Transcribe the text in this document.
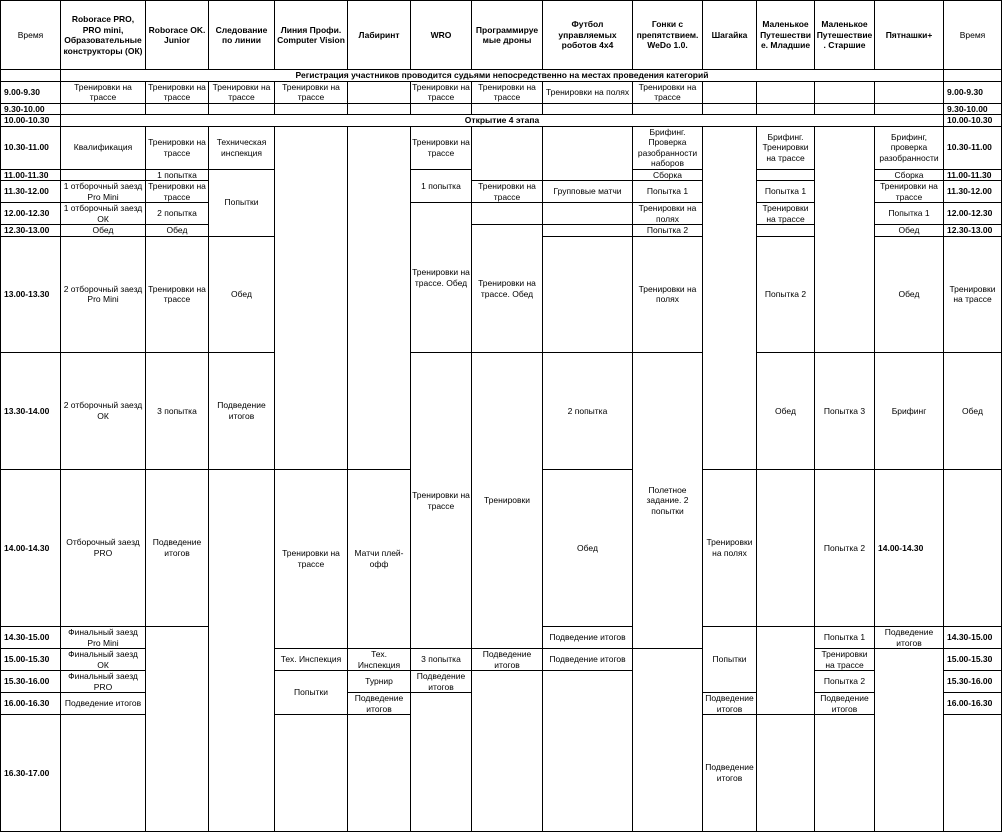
Время	Roborace PRO, PRO mini, Образовательные конструкторы (ОК)	Roborace OK. Junior	Следование по линии	Линия Профи. Computer Vision	Лабиринт	WRO	Программируемые дроны	Футбол управляемых роботов 4х4	Гонки с препятствием. WeDo 1.0.	Шагайка	Маленькое Путешествие. Младшие	Маленькое Путешествие. Старшие	Пятнашки+	Время	
	Регистрация участников проводится судьями непосредственно на местах проведения категорий														
9.00-9.30	Тренировки на трассе	Тренировки на трассе	Тренировки на трассе	Тренировки на трассе		Тренировки на трассе	Тренировки на трассе	Тренировки на полях	Тренировки на трассе					9.00-9.30	
9.30-10.00														9.30-10.00	
10.00-10.30	Открытие 4 этапа													10.00-10.30	
10.30-11.00	Квалификация	Тренировки на трассе	Техническая инспекция			Тренировки на трассе			Брифинг. Проверка разобранности наборов		Брифинг. Тренировки на трассе		Брифинг, проверка разобранности	10.30-11.00	
11.00-11.30		1 попытка	Попытки			1 попытка			Сборка				Сборка	11.00-11.30	
11.30-12.00	1 отборочный заезд Pro Mini	Тренировки на трассе					Тренировки на трассе	Групповые матчи	Попытка 1		Попытка 1		Тренировки на трассе	11.30-12.00	
12.00-12.30	1 отборочный заезд ОК	2 попытка				Тренировки на трассе. Обед			Тренировки на полях		Тренировки на трассе		Попытка 1	12.00-12.30	
12.30-13.00	Обед	Обед					Тренировки на трассе. Обед		Попытка 2				Обед	12.30-13.00	
13.00-13.30	2 отборочный заезд Pro Mini	Тренировки на трассе	Обед						Тренировки на полях		Попытка 2		Обед	Тренировки на трассе	
13.30-14.00	2 отборочный заезд ОК	3 попытка	Подведение итогов			Тренировки на трассе	Тренировки	2 попытка	Полетное задание. 2 попытки		Обед	Попытка 3	Брифинг	Обед			
14.00-14.30	Отборочный заезд PRO	Подведение итогов		Тренировки на трассе	Матчи плей-офф			Обед		Тренировки на полях		Попытка 2	14.00-14.30		
14.30-15.00	Финальный заезд Pro Mini							Подведение итогов		Попытки		Попытка 1	Подведение итогов	14.30-15.00	
15.00-15.30	Финальный заезд ОК			Тех. Инспекция	Тех. Инспекция	3 попытка	Подведение итогов	Подведение итогов				Тренировки на трассе		15.00-15.30	
15.30-16.00	Финальный заезд PRO			Попытки	Турнир	Подведение итогов						Попытка 2		15.30-16.00	
16.00-16.30	Подведение итогов				Подведение итогов					Подведение итогов		Подведение итогов		16.00-16.30	
16.30-17.00										Подведение итогов					
